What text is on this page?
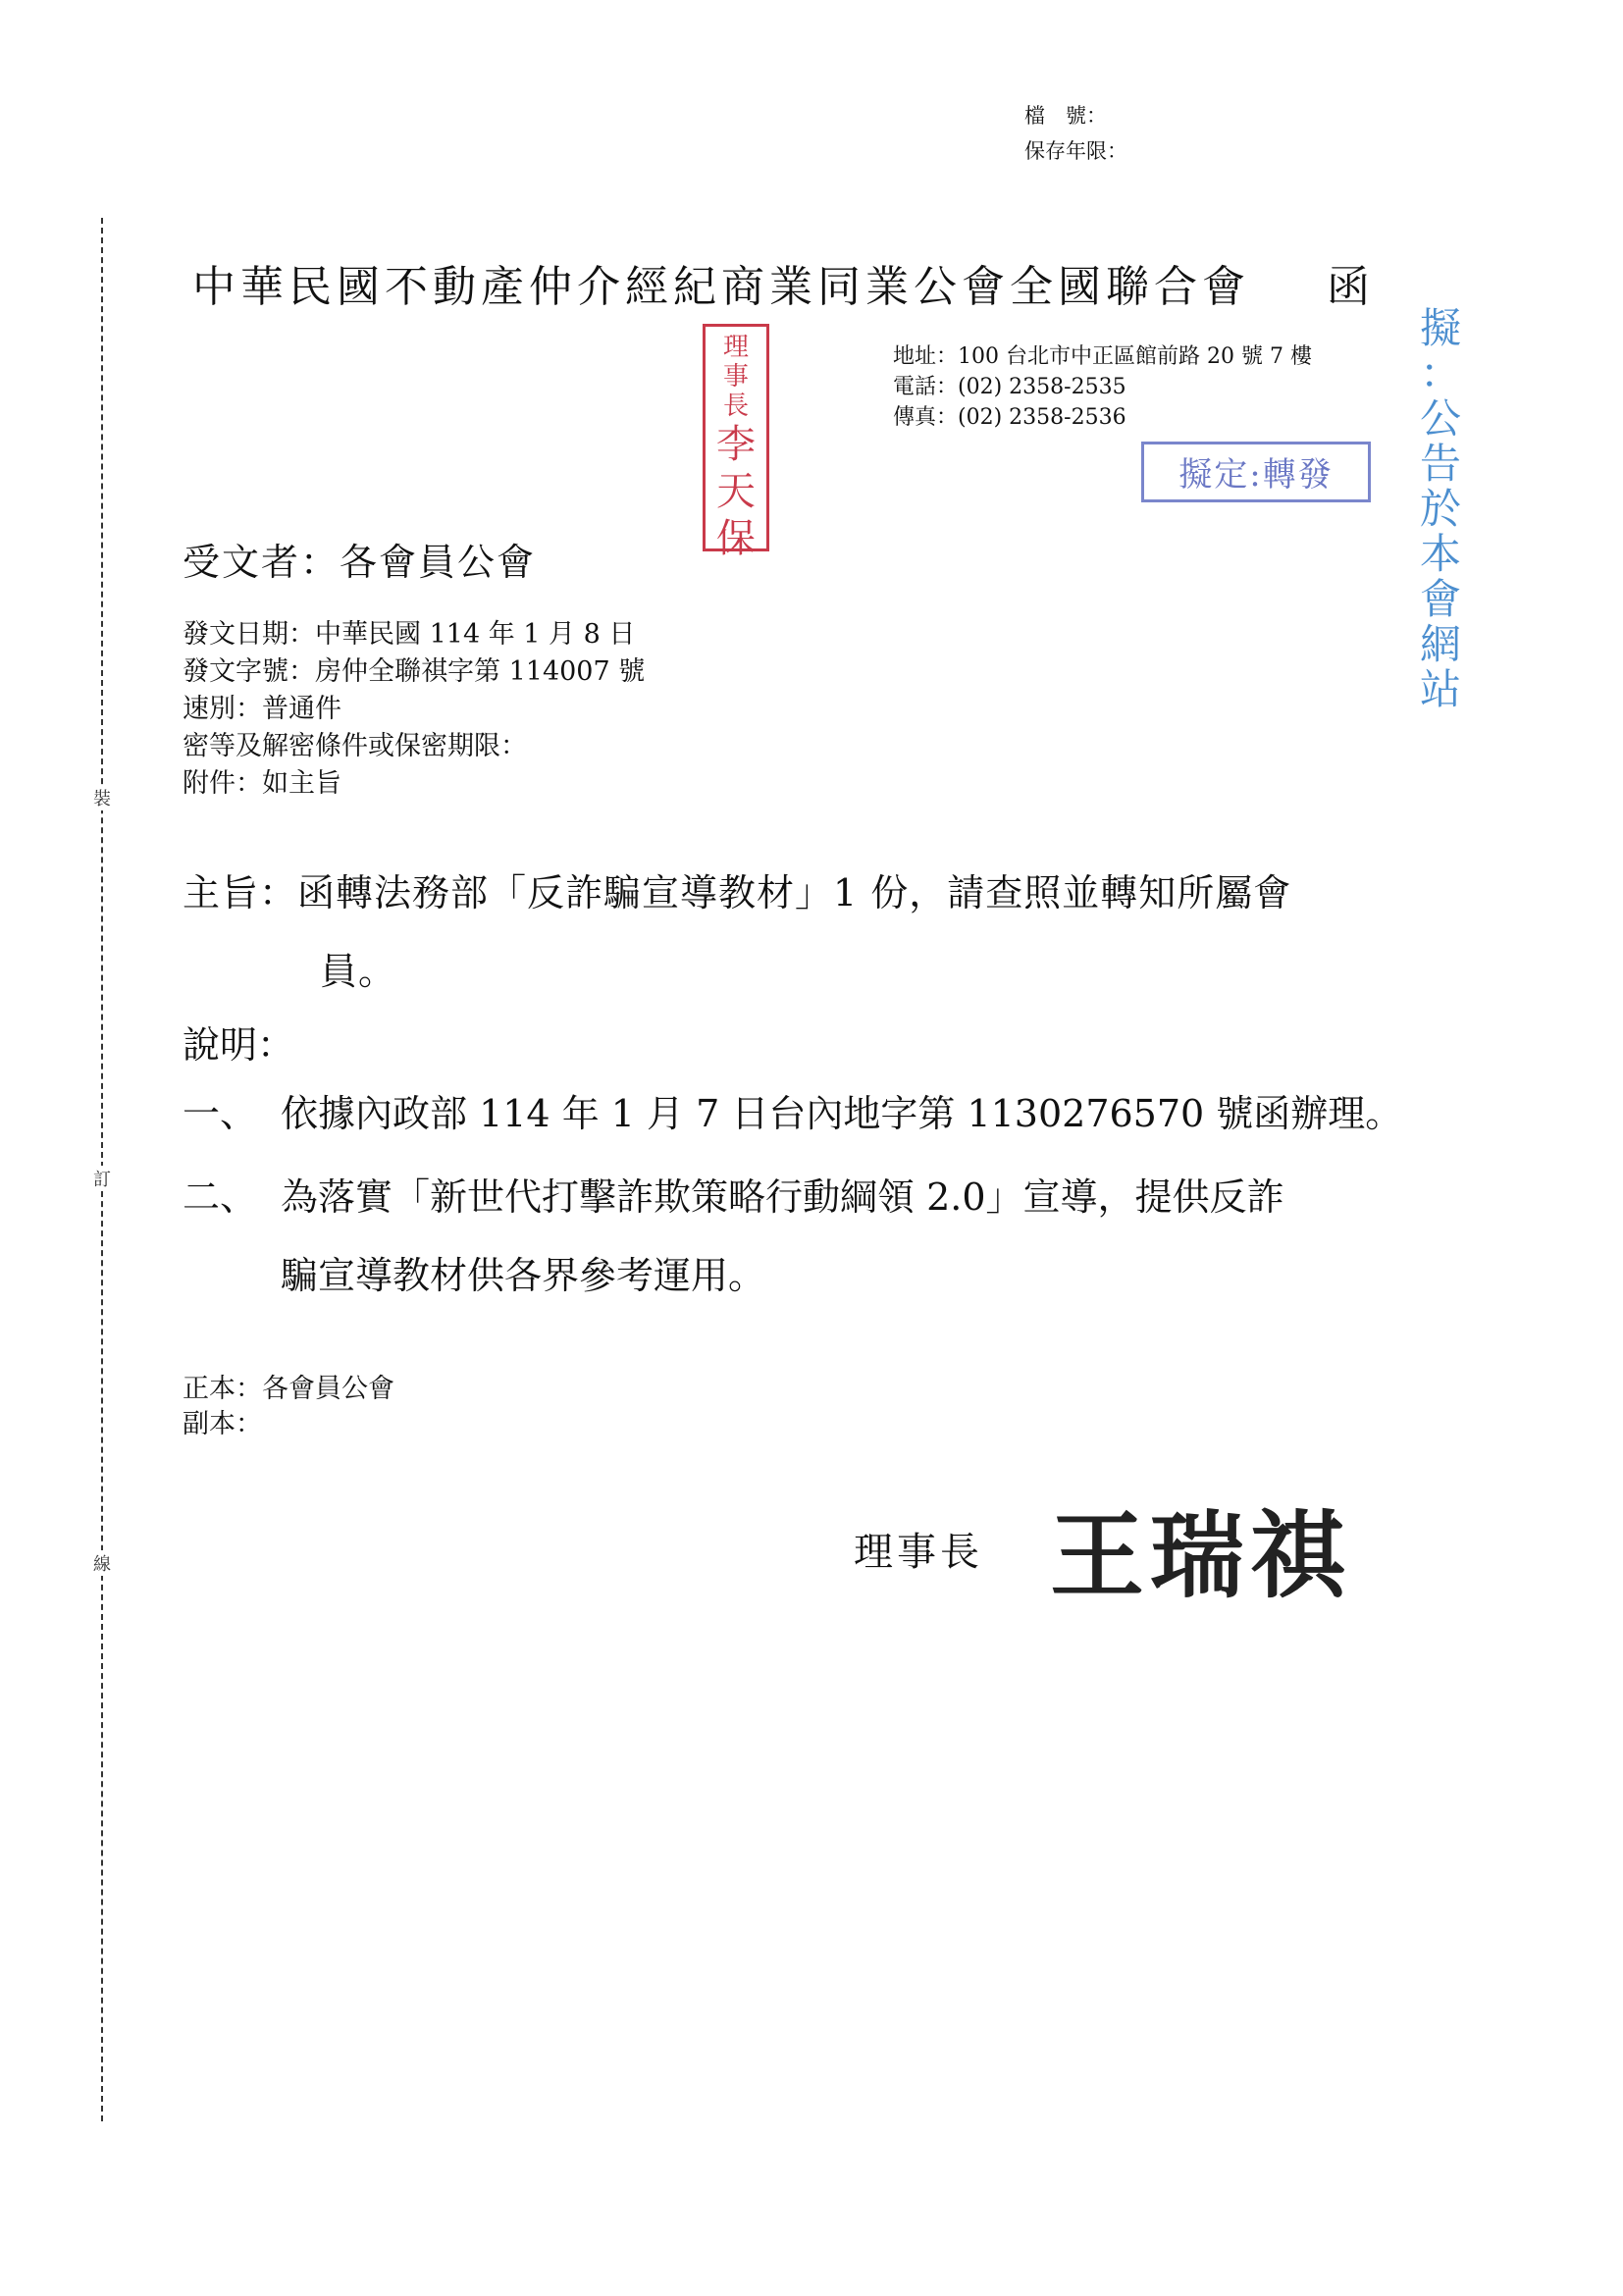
檔　號：
保存年限：
裝
訂
線
中華民國不動產仲介經紀商業同業公會全國聯合會 函
理
事
長
李
天
保
地址：100 台北市中正區館前路 20 號 7 樓
電話：(02) 2358-2535
傳真：(02) 2358-2536
擬定:轉發
擬
：
公
告
於
本
會
網
站
受文者：各會員公會
發文日期：中華民國 114 年 1 月 8 日
發文字號：房仲全聯祺字第 114007 號
速別：普通件
密等及解密條件或保密期限：
附件：如主旨
主旨：函轉法務部「反詐騙宣導教材」1 份，請查照並轉知所屬會
員。
說明：
一、 依據內政部 114 年 1 月 7 日台內地字第 1130276570 號函辦理。
二、 為落實「新世代打擊詐欺策略行動綱領 2.0」宣導，提供反詐
騙宣導教材供各界參考運用。
正本：各會員公會
副本：
理事長 王瑞祺
